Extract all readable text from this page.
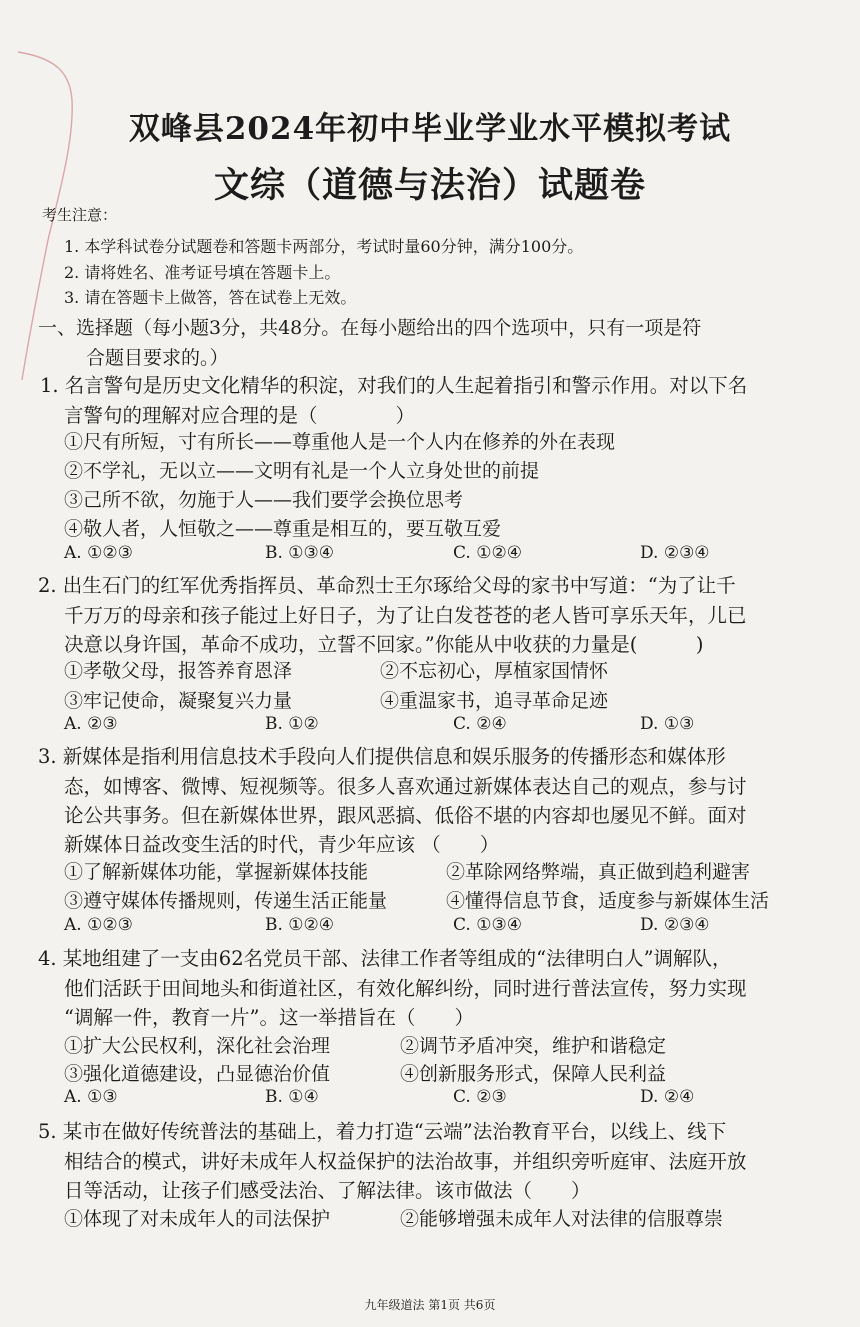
双峰县2024年初中毕业学业水平模拟考试
文综（道德与法治）试题卷
考生注意：
1. 本学科试卷分试题卷和答题卡两部分，考试时量60分钟，满分100分。
2. 请将姓名、准考证号填在答题卡上。
3. 请在答题卡上做答，答在试卷上无效。
一、选择题（每小题3分，共48分。在每小题给出的四个选项中，只有一项是符
合题目要求的。）
1. 名言警句是历史文化精华的积淀，对我们的人生起着指引和警示作用。对以下名
言警句的理解对应合理的是（　　　　）
①尺有所短，寸有所长——尊重他人是一个人内在修养的外在表现
②不学礼，无以立——文明有礼是一个人立身处世的前提
③己所不欲，勿施于人——我们要学会换位思考
④敬人者，人恒敬之——尊重是相互的，要互敬互爱
A. ①②③	B. ①③④	C. ①②④	D. ②③④
2. 出生石门的红军优秀指挥员、革命烈士王尔琢给父母的家书中写道：“为了让千
千万万的母亲和孩子能过上好日子，为了让白发苍苍的老人皆可享乐天年，儿已
决意以身许国，革命不成功，立誓不回家。”你能从中收获的力量是(　　　)
①孝敬父母，报答养育恩泽	②不忘初心，厚植家国情怀
③牢记使命，凝聚复兴力量	④重温家书，追寻革命足迹
A. ②③	B. ①②	C. ②④	D. ①③
3. 新媒体是指利用信息技术手段向人们提供信息和娱乐服务的传播形态和媒体形
态，如博客、微博、短视频等。很多人喜欢通过新媒体表达自己的观点，参与讨
论公共事务。但在新媒体世界，跟风恶搞、低俗不堪的内容却也屡见不鲜。面对
新媒体日益改变生活的时代，青少年应该 （　　）
①了解新媒体功能，掌握新媒体技能	②革除网络弊端，真正做到趋利避害
③遵守媒体传播规则，传递生活正能量	④懂得信息节食，适度参与新媒体生活
A. ①②③	B. ①②④	C. ①③④	D. ②③④
4. 某地组建了一支由62名党员干部、法律工作者等组成的“法律明白人”调解队，
他们活跃于田间地头和街道社区，有效化解纠纷，同时进行普法宣传，努力实现
“调解一件，教育一片”。这一举措旨在（　　）
①扩大公民权利，深化社会治理	②调节矛盾冲突，维护和谐稳定
③强化道德建设，凸显德治价值	④创新服务形式，保障人民利益
A. ①③	B. ①④	C. ②③	D. ②④
5. 某市在做好传统普法的基础上，着力打造“云端”法治教育平台，以线上、线下
相结合的模式，讲好未成年人权益保护的法治故事，并组织旁听庭审、法庭开放
日等活动，让孩子们感受法治、了解法律。该市做法（　　）
①体现了对未成年人的司法保护	②能够增强未成年人对法律的信服尊崇
九年级道法 第1页 共6页
